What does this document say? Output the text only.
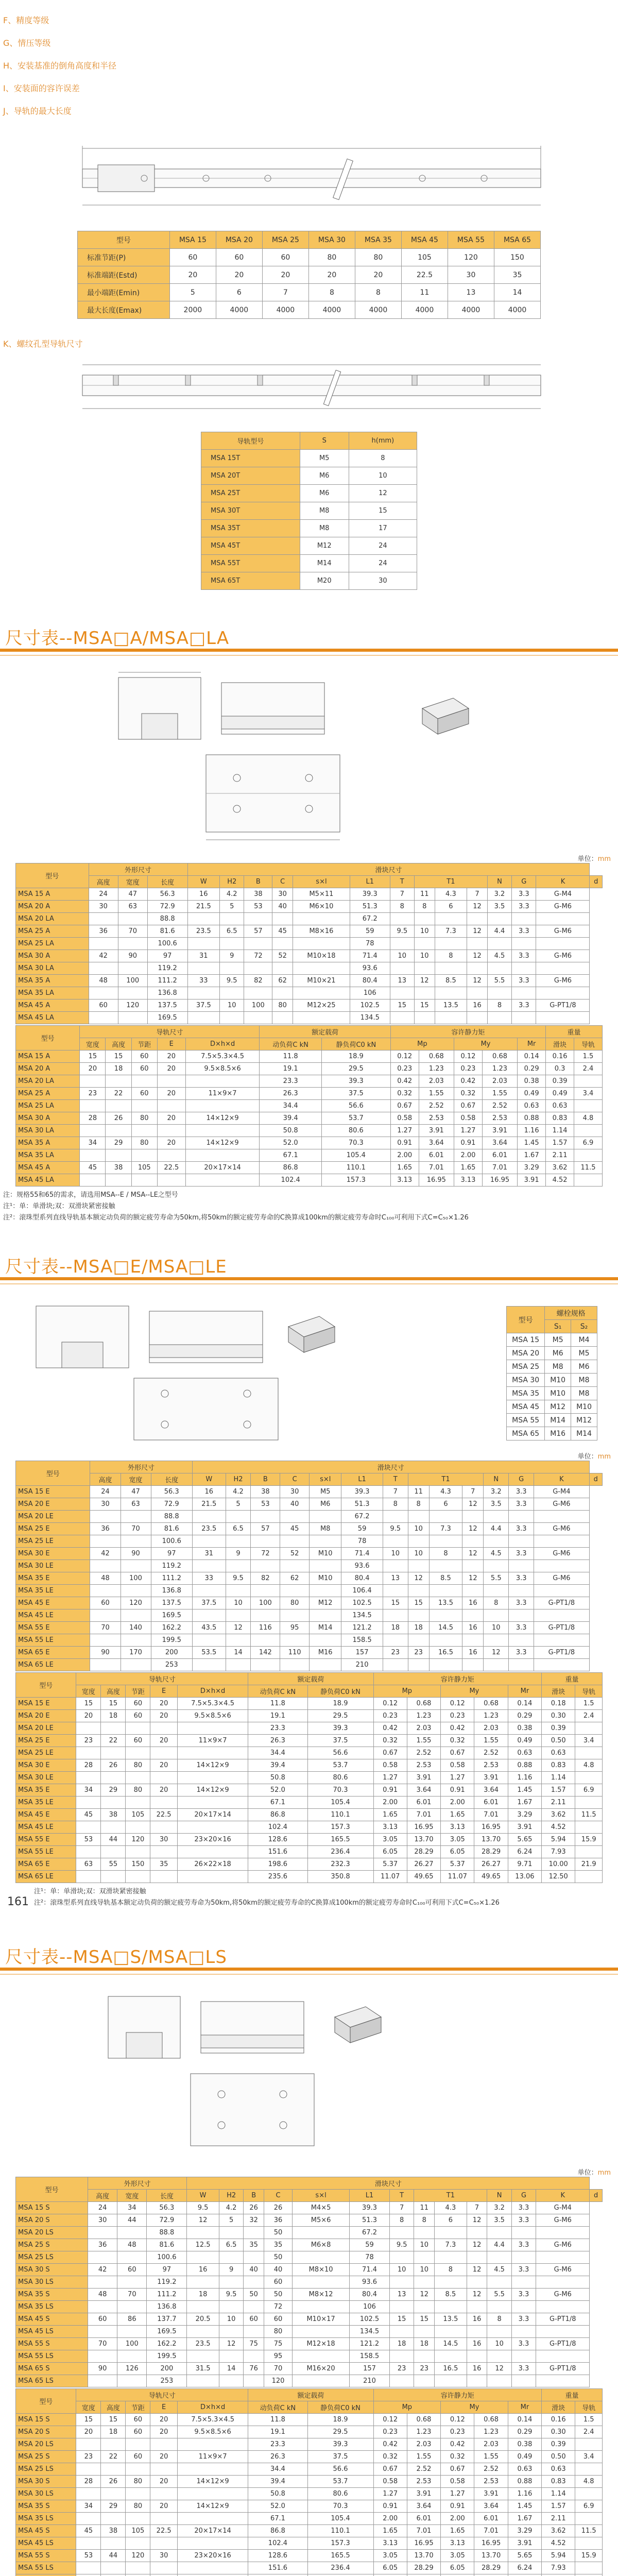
F、精度等级
G、情压等级
H、安装基准的倒角高度和半径
I、安装面的容许误差
J、导轨的最大长度
型号	MSA 15	MSA 20	MSA 25	MSA 30	MSA 35	MSA 45	MSA 55	MSA 65
标准节距(P)	60	60	60	80	80	105	120	150
标准端距(Estd)	20	20	20	20	20	22.5	30	35
最小端距(Emin)	5	6	7	8	8	11	13	14
最大长度(Emax)	2000	4000	4000	4000	4000	4000	4000	4000
K、螺纹孔型导轨尺寸
导轨型号	S	h(mm)
MSA 15T	M5	8
MSA 20T	M6	10
MSA 25T	M6	12
MSA 30T	M8	15
MSA 35T	M8	17
MSA 45T	M12	24
MSA 55T	M14	24
MSA 65T	M20	30
尺寸表--MSA□A/MSA□LA
单位：mm
型号	外形尺寸			滑块尺寸													
	高度	宽度	长度	W	H2	B	C	s×l	L1	T	T1			N	G	K	d
MSA 15 A	24	47	56.3	16	4.2	38	30	M5×11	39.3	7	11	4.3	7	3.2	3.3	G-M4	
MSA 20 A	30	63	72.9	21.5	5	53	40	M6×10	51.3	8	8	6	12	3.5	3.3	G-M6	
MSA 20 LA			88.8						67.2								
MSA 25 A	36	70	81.6	23.5	6.5	57	45	M8×16	59	9.5	10	7.3	12	4.4	3.3	G-M6	
MSA 25 LA			100.6						78								
MSA 30 A	42	90	97	31	9	72	52	M10×18	71.4	10	10	8	12	4.5	3.3	G-M6	
MSA 30 LA			119.2						93.6								
MSA 35 A	48	100	111.2	33	9.5	82	62	M10×21	80.4	13	12	8.5	12	5.5	3.3	G-M6	
MSA 35 LA			136.8						106								
MSA 45 A	60	120	137.5	37.5	10	100	80	M12×25	102.5	15	15	13.5	16	8	3.3	G-PT1/8	
MSA 45 LA			169.5						134.5								
型号	导轨尺寸					额定载荷		容许静力矩					重量	
	宽度	高度	节距	E	D×h×d	动负荷C kN	静负荷C0 kN	Mp		My		Mr	滑块	导轨
MSA 15 A	15	15	60	20	7.5×5.3×4.5	11.8	18.9	0.12	0.68	0.12	0.68	0.14	0.16	1.5
MSA 20 A	20	18	60	20	9.5×8.5×6	19.1	29.5	0.23	1.23	0.23	1.23	0.29	0.3	2.4
MSA 20 LA						23.3	39.3	0.42	2.03	0.42	2.03	0.38	0.39	
MSA 25 A	23	22	60	20	11×9×7	26.3	37.5	0.32	1.55	0.32	1.55	0.49	0.49	3.4
MSA 25 LA						34.4	56.6	0.67	2.52	0.67	2.52	0.63	0.63	
MSA 30 A	28	26	80	20	14×12×9	39.4	53.7	0.58	2.53	0.58	2.53	0.88	0.83	4.8
MSA 30 LA						50.8	80.6	1.27	3.91	1.27	3.91	1.16	1.14	
MSA 35 A	34	29	80	20	14×12×9	52.0	70.3	0.91	3.64	0.91	3.64	1.45	1.57	6.9
MSA 35 LA						67.1	105.4	2.00	6.01	2.00	6.01	1.67	2.11	
MSA 45 A	45	38	105	22.5	20×17×14	86.8	110.1	1.65	7.01	1.65	7.01	3.29	3.62	11.5
MSA 45 LA						102.4	157.3	3.13	16.95	3.13	16.95	3.91	4.52	
注：规格55和65的需求，请选用MSA--E / MSA--LE之型号
注¹：单：单滑块;双：双滑块紧密接触
注²：滚珠型系列直线导轨基本额定动负荷的额定疲劳寿命为50km,将50km的额定疲劳寿命的C换算成100km的额定疲劳寿命时C₁₀₀可利用下式C=C₅₀×1.26
尺寸表--MSA□E/MSA□LE
型号	螺栓规格	
	S₁	S₂
MSA 15	M5	M4
MSA 20	M6	M5
MSA 25	M8	M6
MSA 30	M10	M8
MSA 35	M10	M8
MSA 45	M12	M10
MSA 55	M14	M12
MSA 65	M16	M14
单位：mm
型号	外形尺寸			滑块尺寸													
	高度	宽度	长度	W	H2	B	C	s×l	L1	T	T1			N	G	K	d
MSA 15 E	24	47	56.3	16	4.2	38	30	M5	39.3	7	11	4.3	7	3.2	3.3	G-M4	
MSA 20 E	30	63	72.9	21.5	5	53	40	M6	51.3	8	8	6	12	3.5	3.3	G-M6	
MSA 20 LE			88.8						67.2								
MSA 25 E	36	70	81.6	23.5	6.5	57	45	M8	59	9.5	10	7.3	12	4.4	3.3	G-M6	
MSA 25 LE			100.6						78								
MSA 30 E	42	90	97	31	9	72	52	M10	71.4	10	10	8	12	4.5	3.3	G-M6	
MSA 30 LE			119.2						93.6								
MSA 35 E	48	100	111.2	33	9.5	82	62	M10	80.4	13	12	8.5	12	5.5	3.3	G-M6	
MSA 35 LE			136.8						106.4								
MSA 45 E	60	120	137.5	37.5	10	100	80	M12	102.5	15	15	13.5	16	8	3.3	G-PT1/8	
MSA 45 LE			169.5						134.5								
MSA 55 E	70	140	162.2	43.5	12	116	95	M14	121.2	18	18	14.5	16	10	3.3	G-PT1/8	
MSA 55 LE			199.5						158.5								
MSA 65 E	90	170	200	53.5	14	142	110	M16	157	23	23	16.5	16	12	3.3	G-PT1/8	
MSA 65 LE			253						210								
型号	导轨尺寸					额定载荷		容许静力矩					重量	
	宽度	高度	节距	E	D×h×d	动负荷C kN	静负荷C0 kN	Mp		My		Mr	滑块	导轨
MSA 15 E	15	15	60	20	7.5×5.3×4.5	11.8	18.9	0.12	0.68	0.12	0.68	0.14	0.18	1.5
MSA 20 E	20	18	60	20	9.5×8.5×6	19.1	29.5	0.23	1.23	0.23	1.23	0.29	0.30	2.4
MSA 20 LE						23.3	39.3	0.42	2.03	0.42	2.03	0.38	0.39	
MSA 25 E	23	22	60	20	11×9×7	26.3	37.5	0.32	1.55	0.32	1.55	0.49	0.50	3.4
MSA 25 LE						34.4	56.6	0.67	2.52	0.67	2.52	0.63	0.63	
MSA 30 E	28	26	80	20	14×12×9	39.4	53.7	0.58	2.53	0.58	2.53	0.88	0.83	4.8
MSA 30 LE						50.8	80.6	1.27	3.91	1.27	3.91	1.16	1.14	
MSA 35 E	34	29	80	20	14×12×9	52.0	70.3	0.91	3.64	0.91	3.64	1.45	1.57	6.9
MSA 35 LE						67.1	105.4	2.00	6.01	2.00	6.01	1.67	2.11	
MSA 45 E	45	38	105	22.5	20×17×14	86.8	110.1	1.65	7.01	1.65	7.01	3.29	3.62	11.5
MSA 45 LE						102.4	157.3	3.13	16.95	3.13	16.95	3.91	4.52	
MSA 55 E	53	44	120	30	23×20×16	128.6	165.5	3.05	13.70	3.05	13.70	5.65	5.94	15.9
MSA 55 LE						151.6	236.4	6.05	28.29	6.05	28.29	6.24	7.93	
MSA 65 E	63	55	150	35	26×22×18	198.6	232.3	5.37	26.27	5.37	26.27	9.71	10.00	21.9
MSA 65 LE						235.6	350.8	11.07	49.65	11.07	49.65	13.06	12.50	
161
注¹：单：单滑块;双：双滑块紧密接触
注²：滚珠型系列直线导轨基本额定动负荷的额定疲劳寿命为50km,将50km的额定疲劳寿命的C换算成100km的额定疲劳寿命时C₁₀₀可利用下式C=C₅₀×1.26
尺寸表--MSA□S/MSA□LS
单位：mm
型号	外形尺寸			滑块尺寸													
	高度	宽度	长度	W	H2	B	C	s×l	L1	T	T1			N	G	K	d
MSA 15 S	24	34	56.3	9.5	4.2	26	26	M4×5	39.3	7	11	4.3	7	3.2	3.3	G-M4	
MSA 20 S	30	44	72.9	12	5	32	36	M5×6	51.3	8	8	6	12	3.5	3.3	G-M6	
MSA 20 LS			88.8				50		67.2								
MSA 25 S	36	48	81.6	12.5	6.5	35	35	M6×8	59	9.5	10	7.3	12	4.4	3.3	G-M6	
MSA 25 LS			100.6				50		78								
MSA 30 S	42	60	97	16	9	40	40	M8×10	71.4	10	10	8	12	4.5	3.3	G-M6	
MSA 30 LS			119.2				60		93.6								
MSA 35 S	48	70	111.2	18	9.5	50	50	M8×12	80.4	13	12	8.5	12	5.5	3.3	G-M6	
MSA 35 LS			136.8				72		106								
MSA 45 S	60	86	137.7	20.5	10	60	60	M10×17	102.5	15	15	13.5	16	8	3.3	G-PT1/8	
MSA 45 LS			169.5				80		134.5								
MSA 55 S	70	100	162.2	23.5	12	75	75	M12×18	121.2	18	18	14.5	16	10	3.3	G-PT1/8	
MSA 55 LS			199.5				95		158.5								
MSA 65 S	90	126	200	31.5	14	76	70	M16×20	157	23	23	16.5	16	12	3.3	G-PT1/8	
MSA 65 LS			253				120		210								
型号	导轨尺寸					额定载荷		容许静力矩					重量	
	宽度	高度	节距	E	D×h×d	动负荷C kN	静负荷C0 kN	Mp		My		Mr	滑块	导轨
MSA 15 S	15	15	60	20	7.5×5.3×4.5	11.8	18.9	0.12	0.68	0.12	0.68	0.14	0.16	1.5
MSA 20 S	20	18	60	20	9.5×8.5×6	19.1	29.5	0.23	1.23	0.23	1.23	0.29	0.30	2.4
MSA 20 LS						23.3	39.3	0.42	2.03	0.42	2.03	0.38	0.39	
MSA 25 S	23	22	60	20	11×9×7	26.3	37.5	0.32	1.55	0.32	1.55	0.49	0.50	3.4
MSA 25 LS						34.4	56.6	0.67	2.52	0.67	2.52	0.63	0.63	
MSA 30 S	28	26	80	20	14×12×9	39.4	53.7	0.58	2.53	0.58	2.53	0.88	0.83	4.8
MSA 30 LS						50.8	80.6	1.27	3.91	1.27	3.91	1.16	1.14	
MSA 35 S	34	29	80	20	14×12×9	52.0	70.3	0.91	3.64	0.91	3.64	1.45	1.57	6.9
MSA 35 LS						67.1	105.4	2.00	6.01	2.00	6.01	1.67	2.11	
MSA 45 S	45	38	105	22.5	20×17×14	86.8	110.1	1.65	7.01	1.65	7.01	3.29	3.62	11.5
MSA 45 LS						102.4	157.3	3.13	16.95	3.13	16.95	3.91	4.52	
MSA 55 S	53	44	120	30	23×20×16	128.6	165.5	3.05	13.70	3.05	13.70	5.65	5.94	15.9
MSA 55 LS						151.6	236.4	6.05	28.29	6.05	28.29	6.24	7.93	
